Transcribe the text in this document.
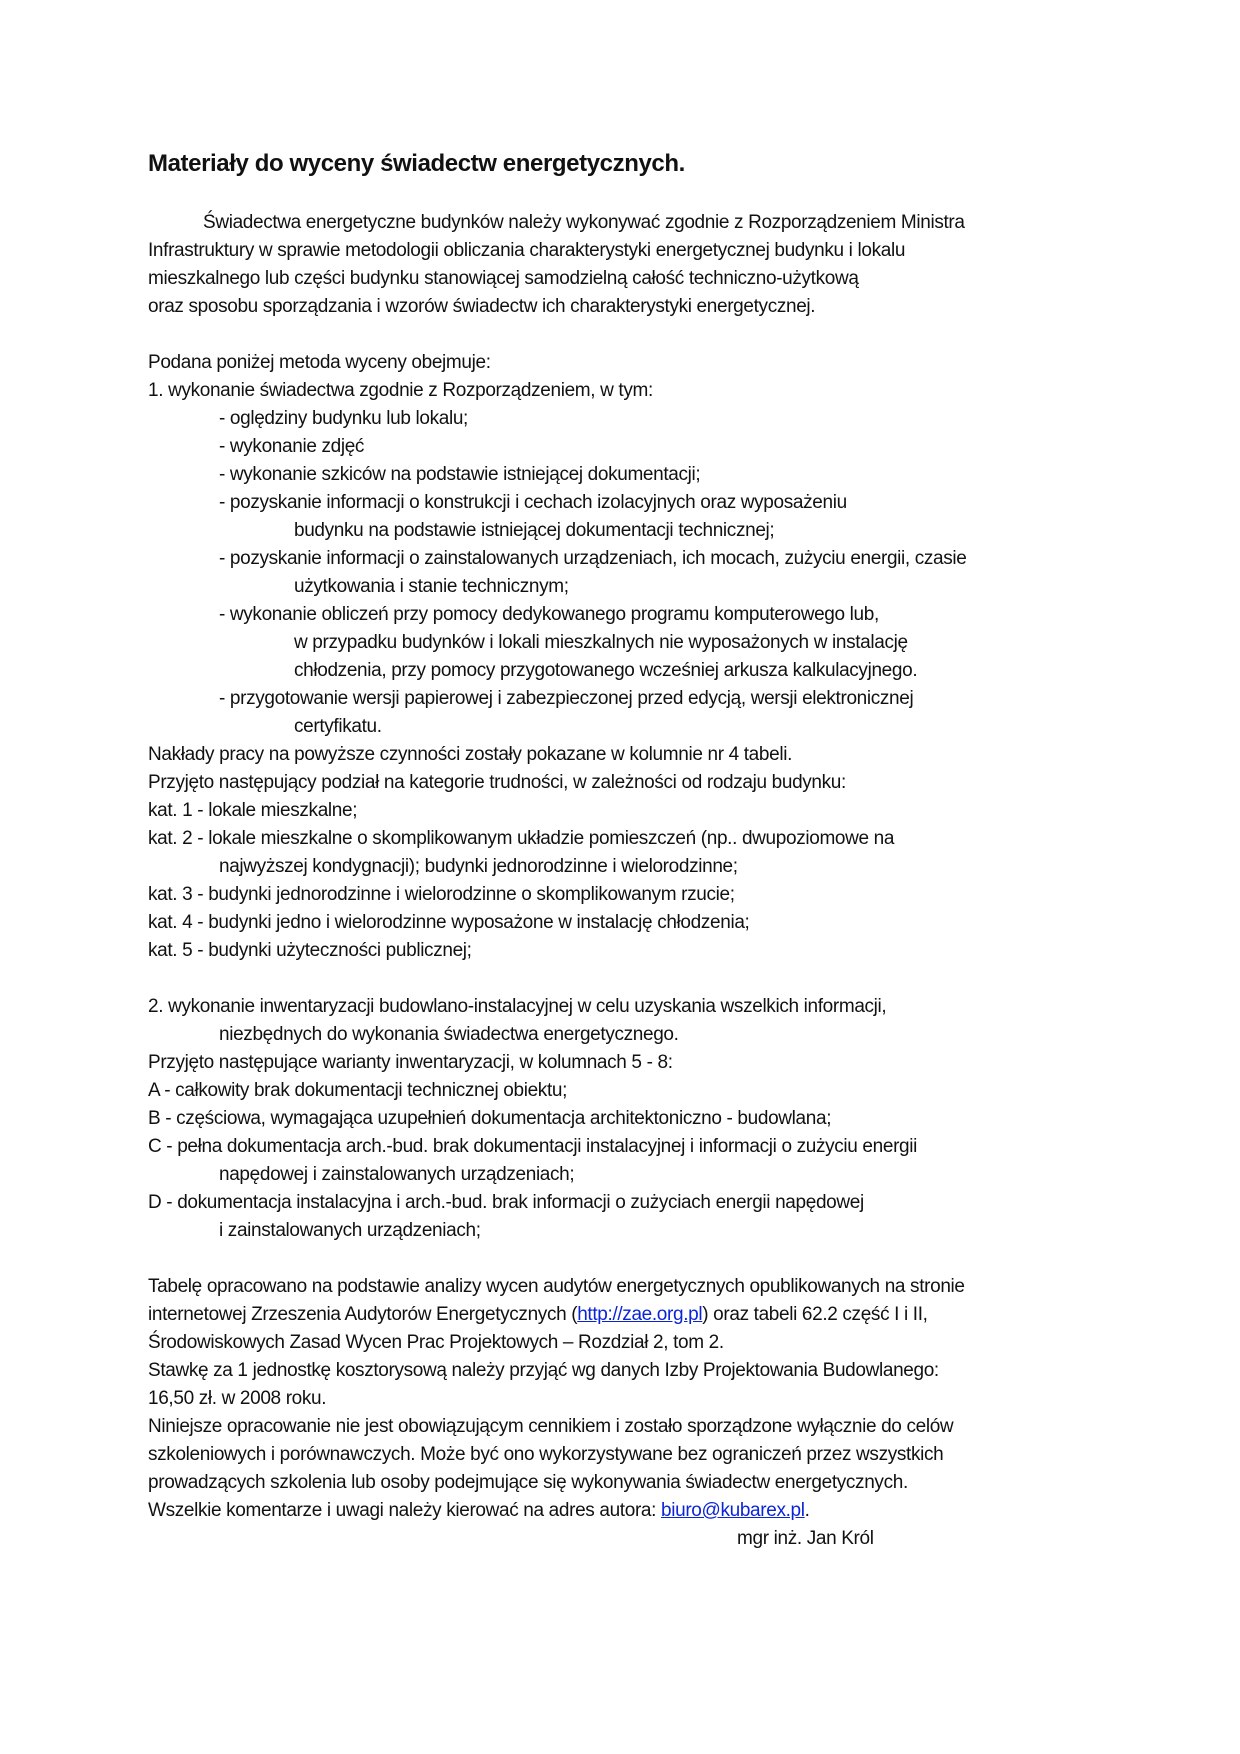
Materiały do wyceny świadectw energetycznych.
Świadectwa energetyczne budynków należy wykonywać zgodnie z Rozporządzeniem Ministra
Infrastruktury w sprawie metodologii obliczania charakterystyki energetycznej budynku i lokalu
mieszkalnego lub części budynku stanowiącej samodzielną całość techniczno-użytkową
oraz sposobu sporządzania i wzorów świadectw ich charakterystyki energetycznej.
Podana poniżej metoda wyceny obejmuje:
1. wykonanie świadectwa zgodnie z Rozporządzeniem, w tym:
- oględziny budynku lub lokalu;
- wykonanie zdjęć
- wykonanie szkiców na podstawie istniejącej dokumentacji;
- pozyskanie informacji o konstrukcji i cechach izolacyjnych oraz wyposażeniu
budynku na podstawie istniejącej dokumentacji technicznej;
- pozyskanie informacji o zainstalowanych urządzeniach, ich mocach, zużyciu energii, czasie
użytkowania i stanie technicznym;
- wykonanie obliczeń przy pomocy dedykowanego programu komputerowego lub,
w przypadku budynków i lokali mieszkalnych nie wyposażonych w instalację
chłodzenia, przy pomocy przygotowanego wcześniej arkusza kalkulacyjnego.
- przygotowanie wersji papierowej i zabezpieczonej przed edycją, wersji elektronicznej
certyfikatu.
Nakłady pracy na powyższe czynności zostały pokazane w kolumnie nr 4 tabeli.
Przyjęto następujący podział na kategorie trudności, w zależności od rodzaju budynku:
kat. 1 - lokale mieszkalne;
kat. 2 - lokale mieszkalne o skomplikowanym układzie pomieszczeń (np.. dwupoziomowe na
najwyższej kondygnacji); budynki jednorodzinne i wielorodzinne;
kat. 3 - budynki jednorodzinne i wielorodzinne o skomplikowanym rzucie;
kat. 4 - budynki jedno i wielorodzinne wyposażone w instalację chłodzenia;
kat. 5 - budynki użyteczności publicznej;
2. wykonanie inwentaryzacji budowlano-instalacyjnej w celu uzyskania wszelkich informacji,
niezbędnych do wykonania świadectwa energetycznego.
Przyjęto następujące warianty inwentaryzacji, w kolumnach 5 - 8:
A - całkowity brak dokumentacji technicznej obiektu;
B - częściowa, wymagająca uzupełnień dokumentacja architektoniczno - budowlana;
C - pełna dokumentacja arch.-bud. brak dokumentacji instalacyjnej i informacji o zużyciu energii
napędowej i zainstalowanych urządzeniach;
D - dokumentacja instalacyjna i arch.-bud. brak informacji o zużyciach energii napędowej
i zainstalowanych urządzeniach;
Tabelę opracowano na podstawie analizy wycen audytów energetycznych opublikowanych na stronie
internetowej Zrzeszenia Audytorów Energetycznych (http://zae.org.pl) oraz tabeli 62.2 część I i II,
Środowiskowych Zasad Wycen Prac Projektowych – Rozdział 2, tom 2.
Stawkę za 1 jednostkę kosztorysową należy przyjąć wg danych Izby Projektowania Budowlanego:
16,50 zł. w 2008 roku.
Niniejsze opracowanie nie jest obowiązującym cennikiem i zostało sporządzone wyłącznie do celów
szkoleniowych i porównawczych. Może być ono wykorzystywane bez ograniczeń przez wszystkich
prowadzących szkolenia lub osoby podejmujące się wykonywania świadectw energetycznych.
Wszelkie komentarze i uwagi należy kierować na adres autora: biuro@kubarex.pl.
mgr inż. Jan Król
